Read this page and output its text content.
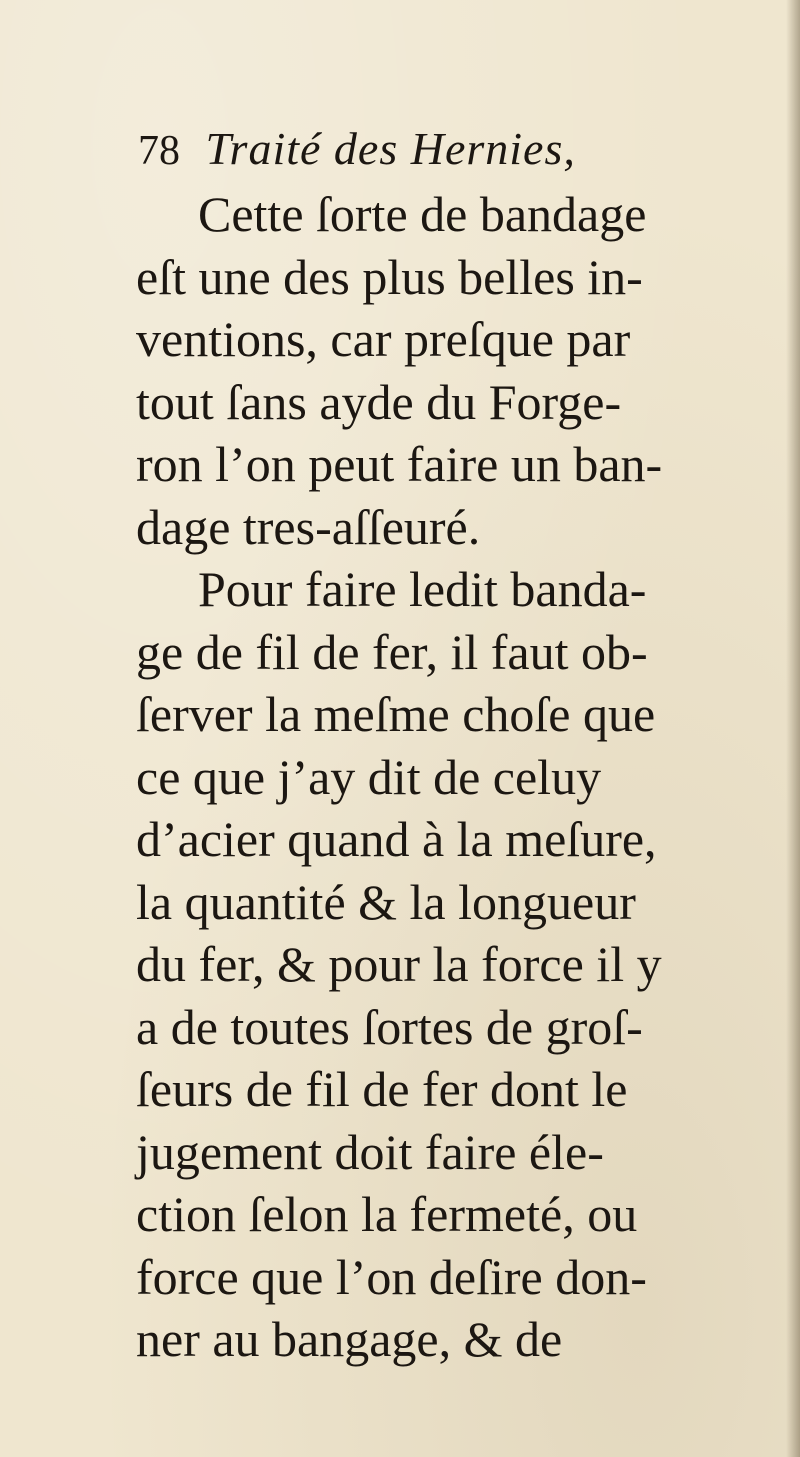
78 Traité des Hernies,
Cette ſorte de bandage
eſt une des plus belles in-
ventions, car preſque par
tout ſans ayde du Forge-
ron l’on peut faire un ban-
dage tres-aſſeuré.
Pour faire ledit banda-
ge de fil de fer, il faut ob-
ſerver la meſme choſe que
ce que j’ay dit de celuy
d’acier quand à la meſure,
la quantité & la longueur
du fer, & pour la force il y
a de toutes ſortes de groſ-
ſeurs de fil de fer dont le
jugement doit faire éle-
ction ſelon la fermeté, ou
force que l’on deſire don-
ner au bangage, & de
